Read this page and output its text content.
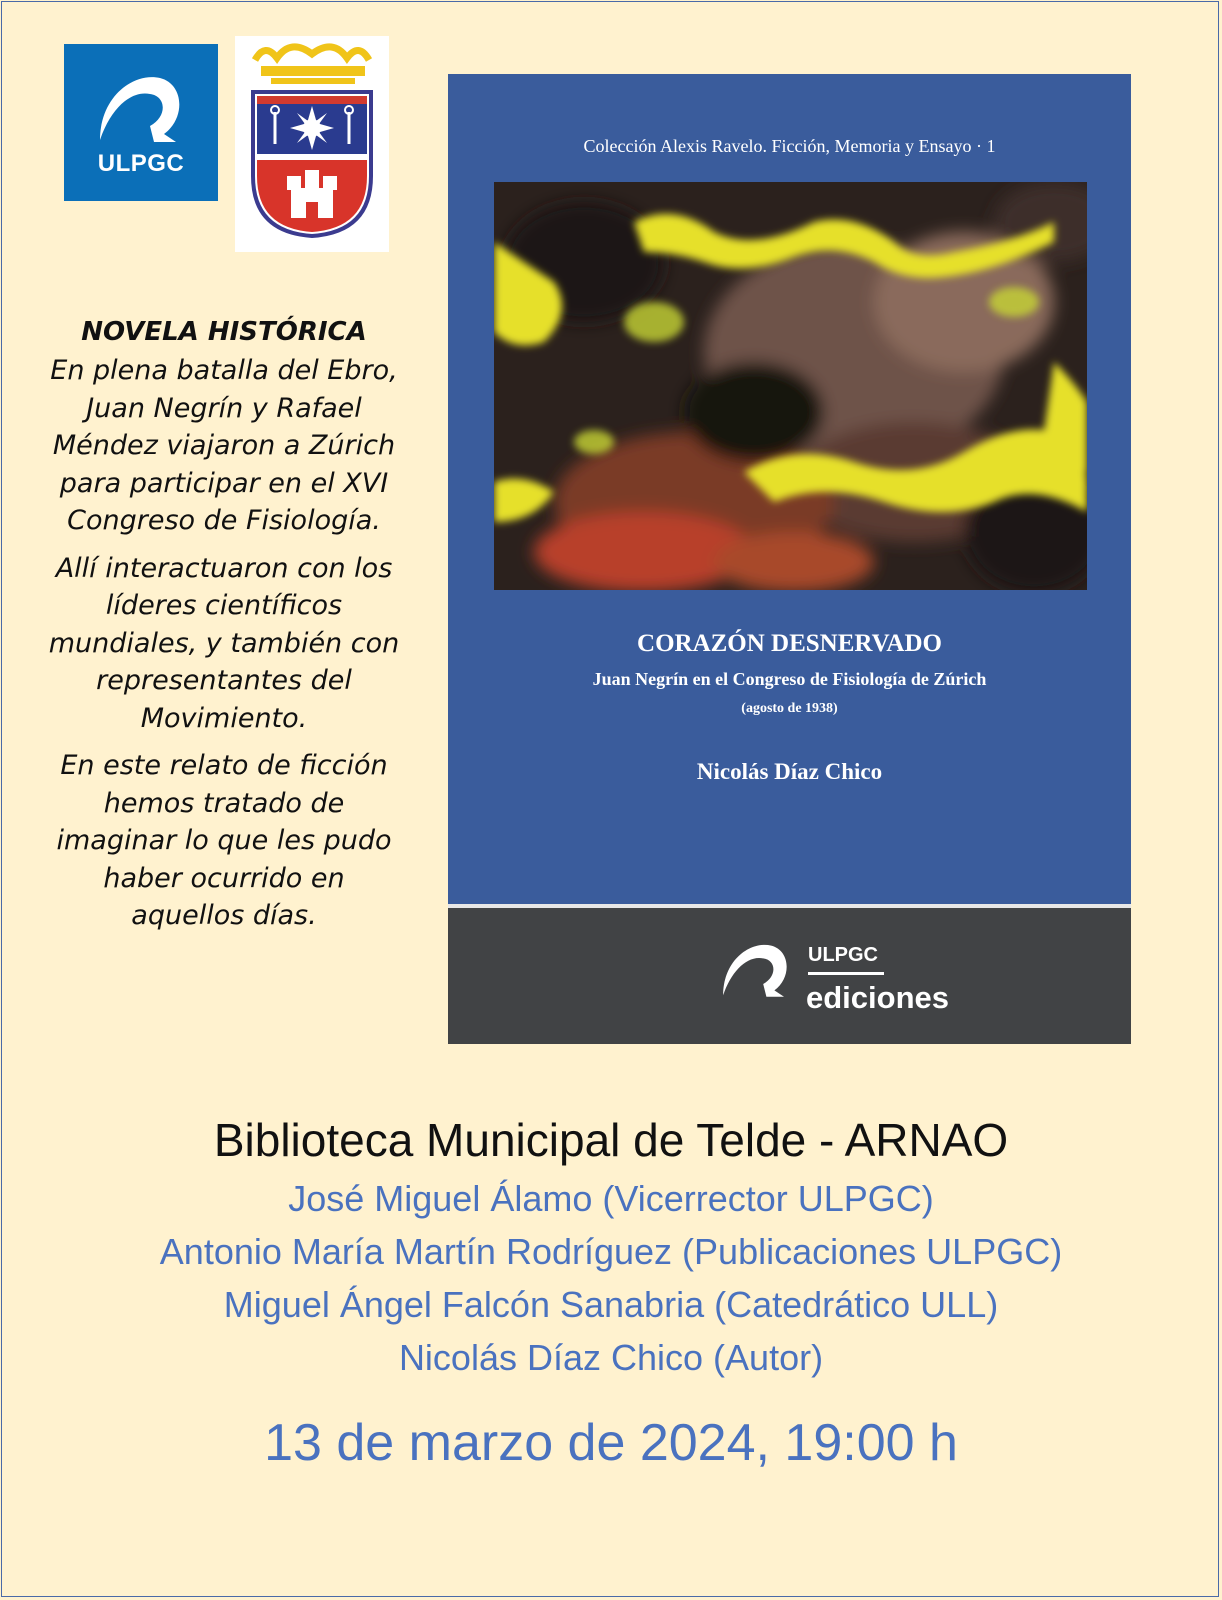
ULPGC
NOVELA HISTÓRICA

En plena batalla del Ebro, Juan Negrín y Rafael Méndez viajaron a Zúrich para participar en el XVI Congreso de Fisiología.

Allí interactuaron con los líderes científicos mundiales, y también con representantes del Movimiento.

En este relato de ficción hemos tratado de imaginar lo que les pudo haber ocurrido en aquellos días.

Colección Alexis Ravelo. Ficción, Memoria y Ensayo · 1
CORAZÓN DESNERVADO
Juan Negrín en el Congreso de Fisiología de Zúrich
(agosto de 1938)
Nicolás Díaz Chico
ULPGC
ediciones
Biblioteca Municipal de Telde - ARNAO
José Miguel Álamo (Vicerrector ULPGC)
Antonio María Martín Rodríguez (Publicaciones ULPGC)
Miguel Ángel Falcón Sanabria (Catedrático ULL)
Nicolás Díaz Chico (Autor)
13 de marzo de 2024, 19:00 h
